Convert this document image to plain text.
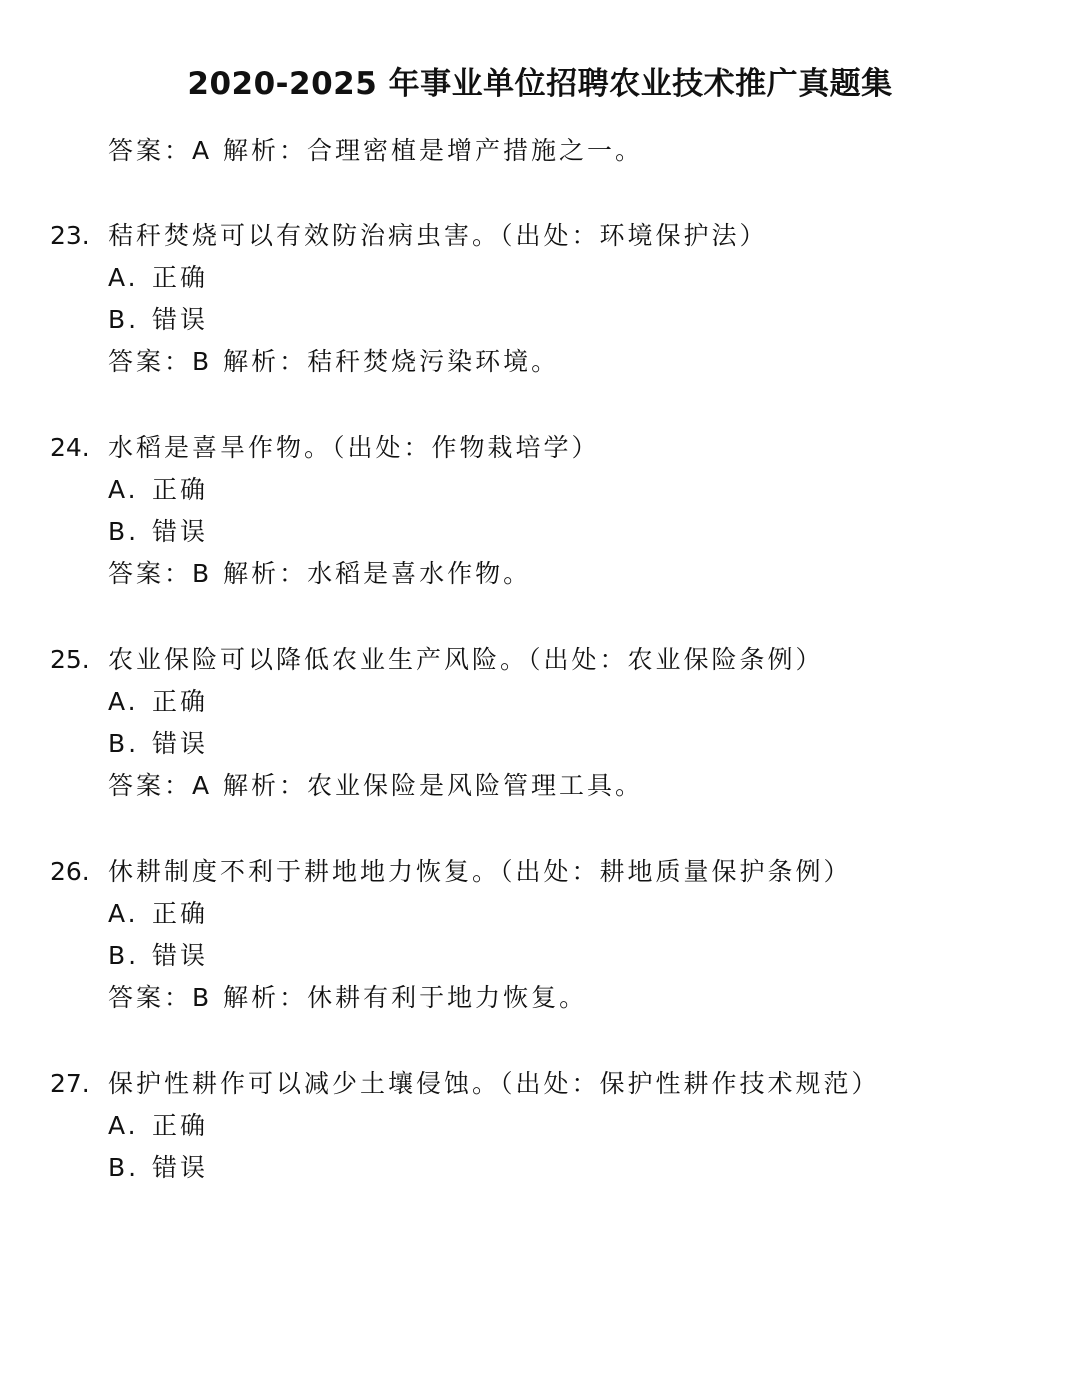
2020-2025 年事业单位招聘农业技术推广真题集
答案：A 解析：合理密植是增产措施之一。
23. 秸秆焚烧可以有效防治病虫害。（出处：环境保护法）
A. 正确
B. 错误
答案：B 解析：秸秆焚烧污染环境。
24. 水稻是喜旱作物。（出处：作物栽培学）
A. 正确
B. 错误
答案：B 解析：水稻是喜水作物。
25. 农业保险可以降低农业生产风险。（出处：农业保险条例）
A. 正确
B. 错误
答案：A 解析：农业保险是风险管理工具。
26. 休耕制度不利于耕地地力恢复。（出处：耕地质量保护条例）
A. 正确
B. 错误
答案：B 解析：休耕有利于地力恢复。
27. 保护性耕作可以减少土壤侵蚀。（出处：保护性耕作技术规范）
A. 正确
B. 错误
